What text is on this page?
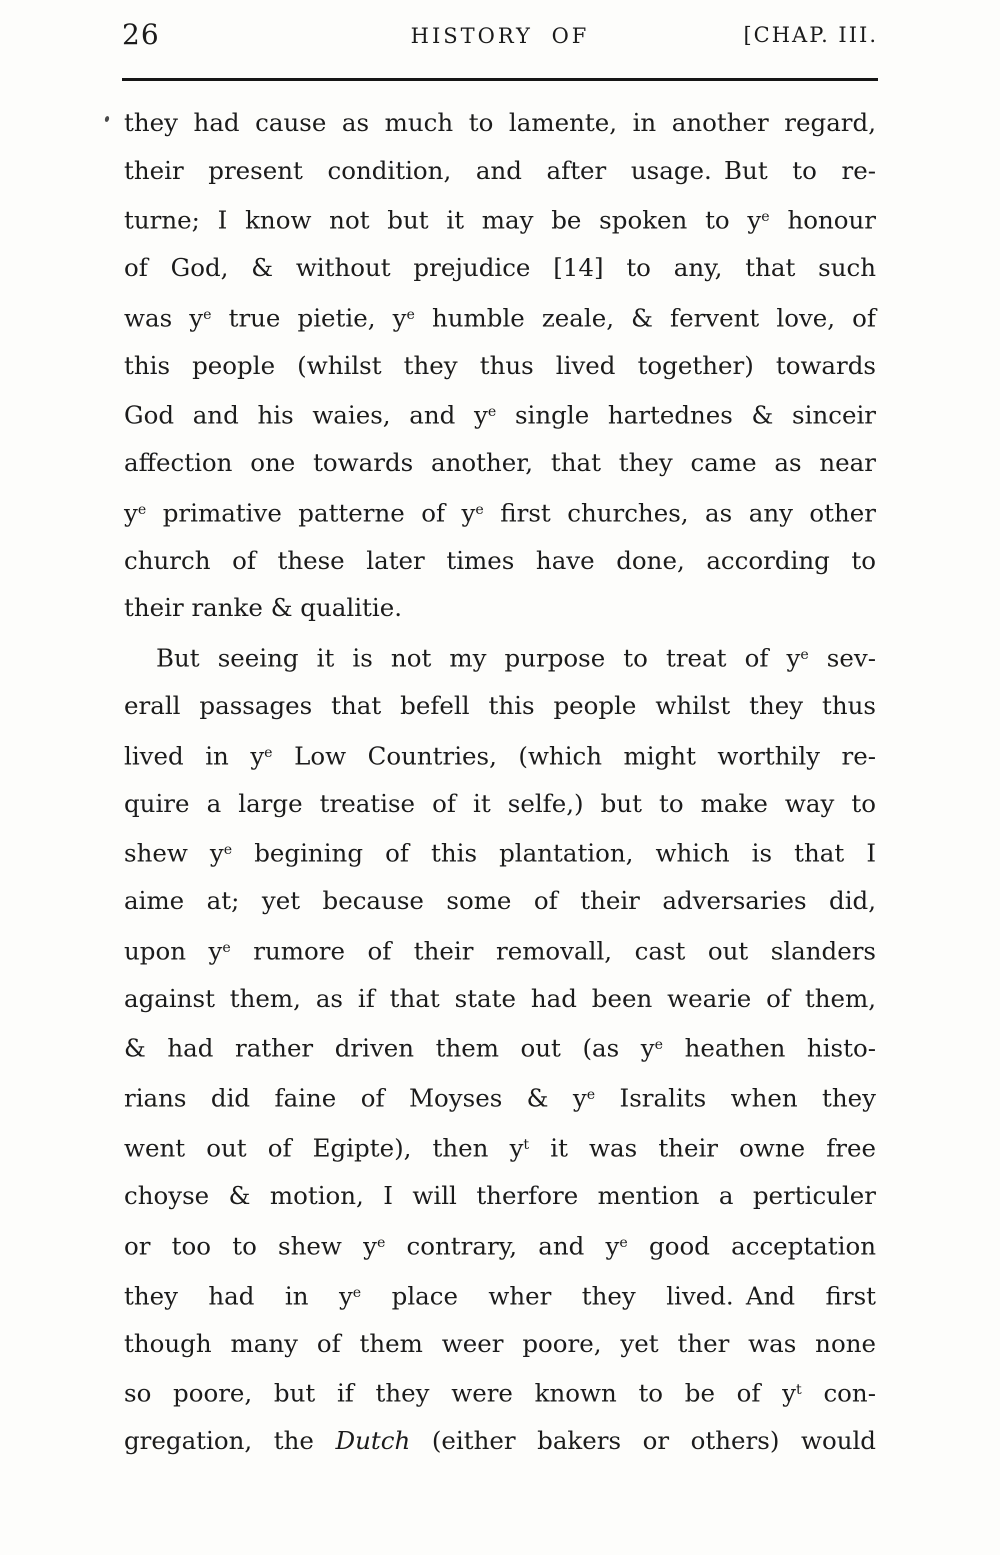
26	HISTORY OF	[CHAP. III.
they had cause as much to lamente, in another regard,
their present condition, and after usage. But to re-
turne; I know not but it may be spoken to $y^e$ honour
of God, & without prejudice [14] to any, that such
was $y^e$ true pietie, $y^e$ humble zeale, & fervent love, of
this people (whilst they thus lived together) towards
God and his waies, and $y^e$ single hartednes & sinceir
affection one towards another, that they came as near
$y^e$ primative patterne of $y^e$ first churches, as any other
church of these later times have done, according to
their ranke & qualitie.
But seeing it is not my purpose to treat of $y^e$ sev-
erall passages that befell this people whilst they thus
lived in $y^e$ Low Countries, (which might worthily re-
quire a large treatise of it selfe,) but to make way to
shew $y^e$ begining of this plantation, which is that I
aime at; yet because some of their adversaries did,
upon $y^e$ rumore of their removall, cast out slanders
against them, as if that state had been wearie of them,
& had rather driven them out (as $y^e$ heathen histo-
rians did faine of Moyses & $y^e$ Isralits when they
went out of Egipte), then $y^t$ it was their owne free
choyse & motion, I will therfore mention a perticuler
or too to shew $y^e$ contrary, and $y^e$ good acceptation
they had in $y^e$ place wher they lived. And first
though many of them weer poore, yet ther was none
so poore, but if they were known to be of $y^t$ con-
gregation, the Dutch (either bakers or others) would
